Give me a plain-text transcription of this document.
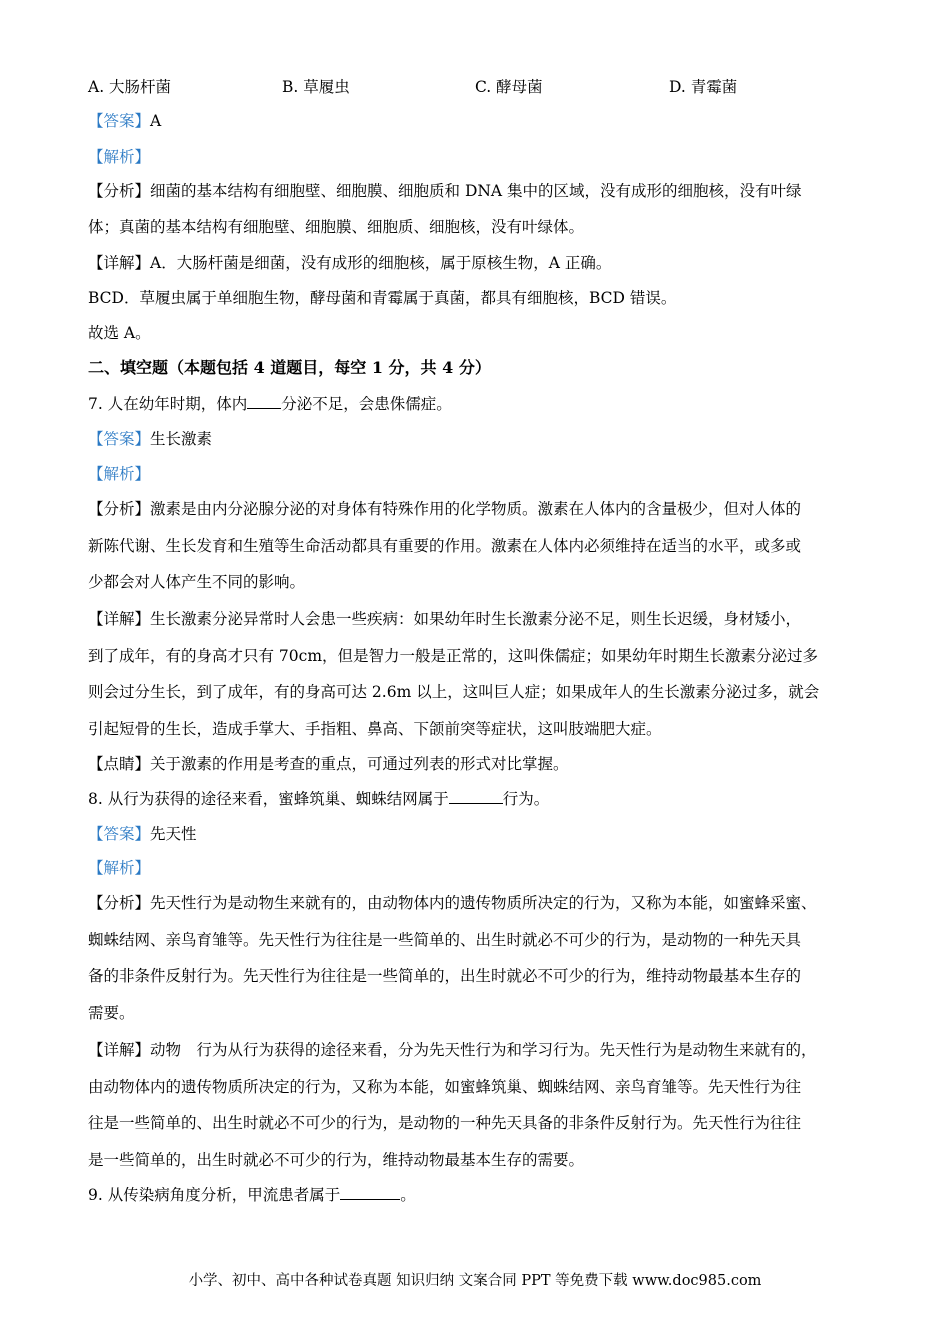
A. 大肠杆菌	B. 草履虫	C. 酵母菌	D. 青霉菌
【答案】A
【解析】
【分析】细菌的基本结构有细胞壁、细胞膜、细胞质和 DNA 集中的区域，没有成形的细胞核，没有叶绿
体；真菌的基本结构有细胞壁、细胞膜、细胞质、细胞核，没有叶绿体。
【详解】A．大肠杆菌是细菌，没有成形的细胞核，属于原核生物，A 正确。
BCD．草履虫属于单细胞生物，酵母菌和青霉属于真菌，都具有细胞核，BCD 错误。
故选 A。
二、填空题（本题包括 4 道题目，每空 1 分，共 4 分）
7. 人在幼年时期，体内 分泌不足，会患侏儒症。
【答案】生长激素
【解析】
【分析】激素是由内分泌腺分泌的对身体有特殊作用的化学物质。激素在人体内的含量极少，但对人体的
新陈代谢、生长发育和生殖等生命活动都具有重要的作用。激素在人体内必须维持在适当的水平，或多或
少都会对人体产生不同的影响。
【详解】生长激素分泌异常时人会患一些疾病：如果幼年时生长激素分泌不足，则生长迟缓，身材矮小，
到了成年，有的身高才只有 70cm，但是智力一般是正常的，这叫侏儒症；如果幼年时期生长激素分泌过多
则会过分生长，到了成年，有的身高可达 2.6m 以上，这叫巨人症；如果成年人的生长激素分泌过多，就会
引起短骨的生长，造成手掌大、手指粗、鼻高、下颌前突等症状，这叫肢端肥大症。
【点睛】关于激素的作用是考查的重点，可通过列表的形式对比掌握。
8. 从行为获得的途径来看，蜜蜂筑巢、蜘蛛结网属于	行为。
【答案】先天性
【解析】
【分析】先天性行为是动物生来就有的，由动物体内的遗传物质所决定的行为，又称为本能，如蜜蜂采蜜、
蜘蛛结网、亲鸟育雏等。先天性行为往往是一些简单的、出生时就必不可少的行为，是动物的一种先天具
备的非条件反射行为。先天性行为往往是一些简单的，出生时就必不可少的行为，维持动物最基本生存的
需要。
【详解】动物　行为从行为获得的途径来看，分为先天性行为和学习行为。先天性行为是动物生来就有的，
由动物体内的遗传物质所决定的行为，又称为本能，如蜜蜂筑巢、蜘蛛结网、亲鸟育雏等。先天性行为往
往是一些简单的、出生时就必不可少的行为，是动物的一种先天具备的非条件反射行为。先天性行为往往
是一些简单的，出生时就必不可少的行为，维持动物最基本生存的需要。
9. 从传染病角度分析，甲流患者属于	。
小学、初中、高中各种试卷真题 知识归纳 文案合同 PPT 等免费下载 www.doc985.com
